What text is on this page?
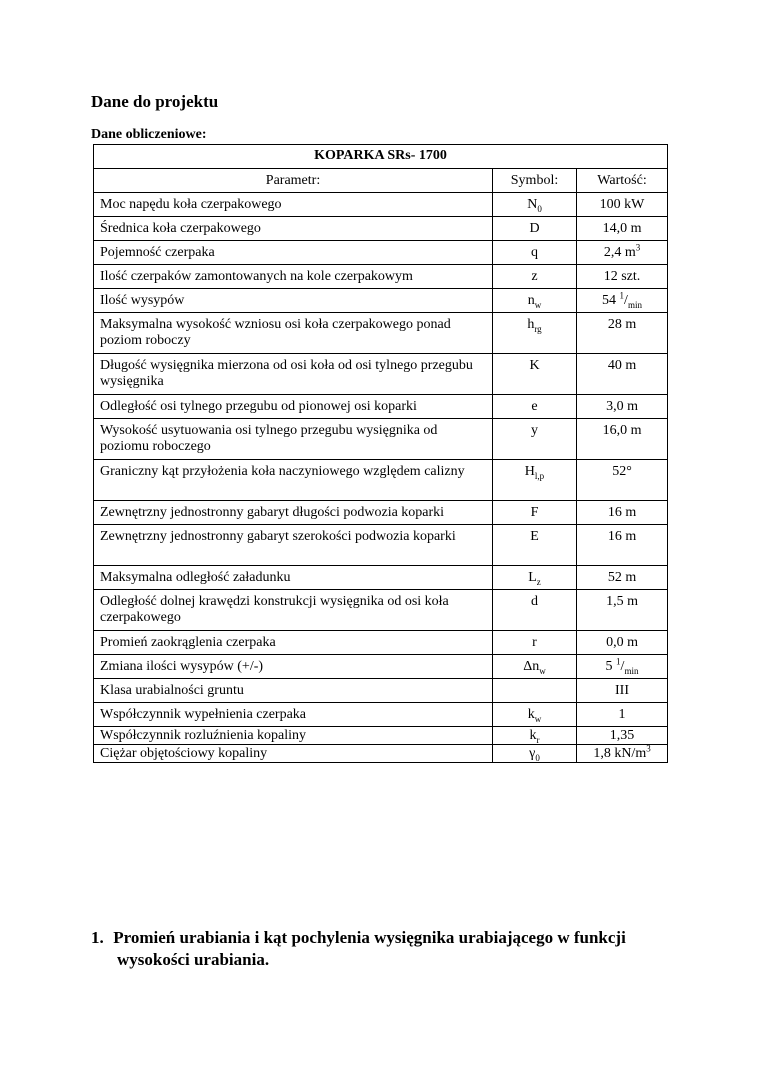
Dane do projektu
Dane obliczeniowe:
KOPARKA SRs- 1700		
Parametr:	Symbol:	Wartość:
Moc napędu koła czerpakowego	$N_0$	100 kW
Średnica koła czerpakowego	D	14,0 m
Pojemność czerpaka	q	2,4 $m^3$
Ilość czerpaków zamontowanych na kole czerpakowym	z	12 szt.
Ilość wysypów	$n_w$	54 $^1/_{min}$
Maksymalna wysokość wzniosu osi koła czerpakowego ponad poziom roboczy	$h_{rg}$	28 m
Długość wysięgnika mierzona od osi koła od osi tylnego przegubu wysięgnika	K	40 m
Odległość osi tylnego przegubu od pionowej osi koparki	e	3,0 m
Wysokość usytuowania osi tylnego przegubu wysięgnika od poziomu roboczego	y	16,0 m
Graniczny kąt przyłożenia koła naczyniowego względem calizny	$H_{l,p}$	52°
Zewnętrzny jednostronny gabaryt długości podwozia koparki	F	16 m
Zewnętrzny jednostronny gabaryt szerokości podwozia koparki	E	16 m
Maksymalna odległość załadunku	$L_z$	52 m
Odległość dolnej krawędzi konstrukcji wysięgnika od osi koła czerpakowego	d	1,5 m
Promień zaokrąglenia czerpaka	r	0,0 m
Zmiana ilości wysypów (+/-)	$\Delta n_w$	5 $^1/_{min}$
Klasa urabialności gruntu		III
Współczynnik wypełnienia czerpaka	$k_w$	1
Współczynnik rozluźnienia kopaliny	$k_r$	1,35
Ciężar objętościowy kopaliny	$\gamma_0$	1,8 $kN/m^3$

1. Promień urabiania i kąt pochylenia wysięgnika urabiającego w funkcji
wysokości urabiania.
